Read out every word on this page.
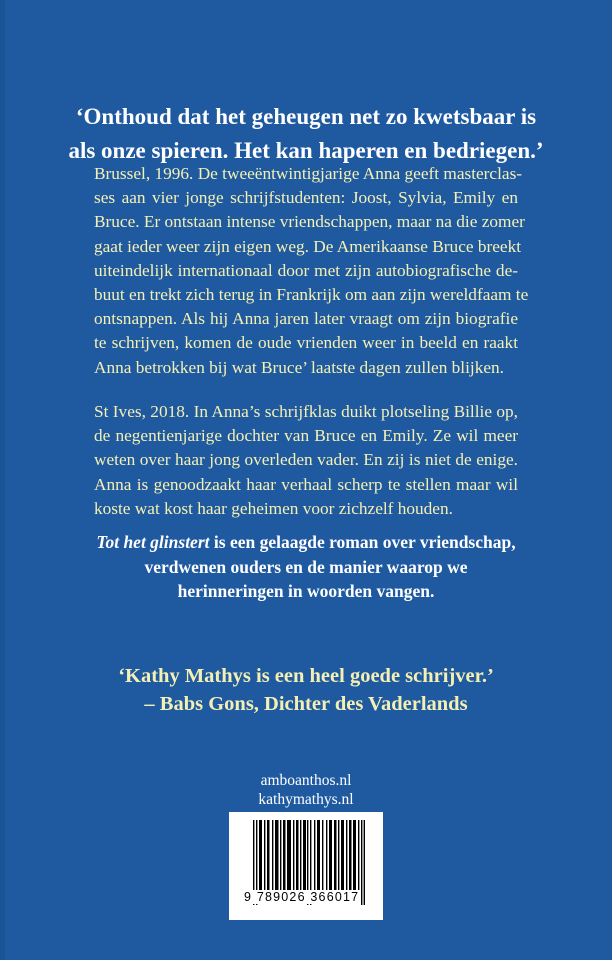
‘Onthoud dat het geheugen net zo kwetsbaar is
als onze spieren. Het kan haperen en bedriegen.’
Brussel, 1996. De tweeëntwintigjarige Anna geeft masterclas-
ses aan vier jonge schrijfstudenten: Joost, Sylvia, Emily en
Bruce. Er ontstaan intense vriendschappen, maar na die zomer
gaat ieder weer zijn eigen weg. De Amerikaanse Bruce breekt
uiteindelijk internationaal door met zijn autobiografische de-
buut en trekt zich terug in Frankrijk om aan zijn wereldfaam te
ontsnappen. Als hij Anna jaren later vraagt om zijn biografie
te schrijven, komen de oude vrienden weer in beeld en raakt
Anna betrokken bij wat Bruce’ laatste dagen zullen blijken.
St Ives, 2018. In Anna’s schrijfklas duikt plotseling Billie op,
de negentienjarige dochter van Bruce en Emily. Ze wil meer
weten over haar jong overleden vader. En zij is niet de enige.
Anna is genoodzaakt haar verhaal scherp te stellen maar wil
koste wat kost haar geheimen voor zichzelf houden.
Tot het glinstert is een gelaagde roman over vriendschap,
verdwenen ouders en de manier waarop we
herinneringen in woorden vangen.
‘Kathy Mathys is een heel goede schrijver.’
– Babs Gons, Dichter des Vaderlands
amboanthos.nl
kathymathys.nl
9 789026 366017
